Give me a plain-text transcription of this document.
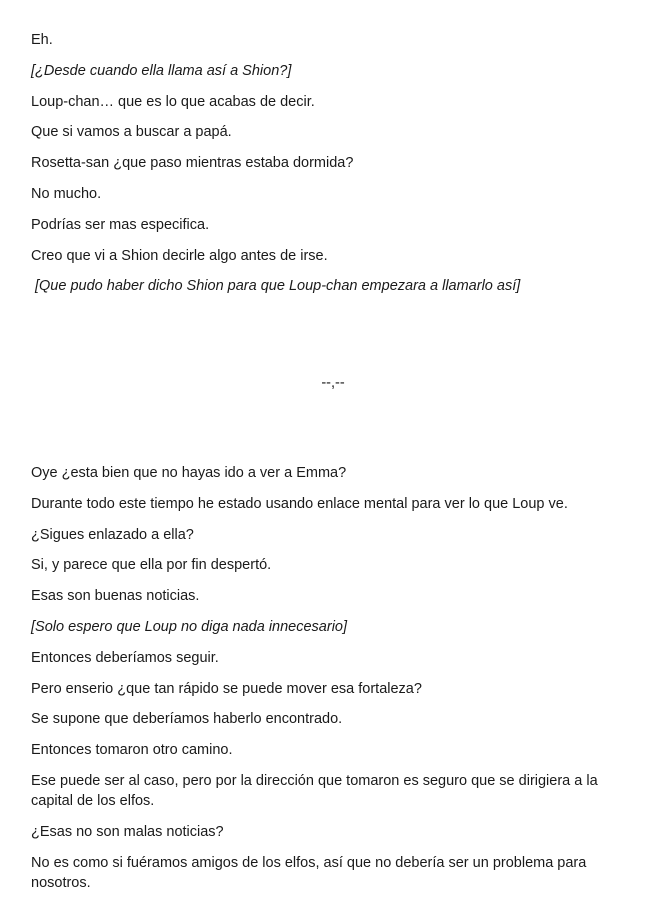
Eh.

[¿Desde cuando ella llama así a Shion?]

Loup-chan… que es lo que acabas de decir.

Que si vamos a buscar a papá.

Rosetta-san ¿que paso mientras estaba dormida?

No mucho.

Podrías ser mas especifica.

Creo que vi a Shion decirle algo antes de irse.

[Que pudo haber dicho Shion para que Loup-chan empezara a llamarlo así]

--,--

Oye ¿esta bien que no hayas ido a ver a Emma?

Durante todo este tiempo he estado usando enlace mental para ver lo que Loup ve.

¿Sigues enlazado a ella?

Si, y parece que ella por fin despertó.

Esas son buenas noticias.

[Solo espero que Loup no diga nada innecesario]

Entonces deberíamos seguir.

Pero enserio ¿que tan rápido se puede mover esa fortaleza?

Se supone que deberíamos haberlo encontrado.

Entonces tomaron otro camino.

Ese puede ser al caso, pero por la dirección que tomaron es seguro que se dirigiera a la capital de los elfos.

¿Esas no son malas noticias?

No es como si fuéramos amigos de los elfos, así que no debería ser un problema para nosotros.
